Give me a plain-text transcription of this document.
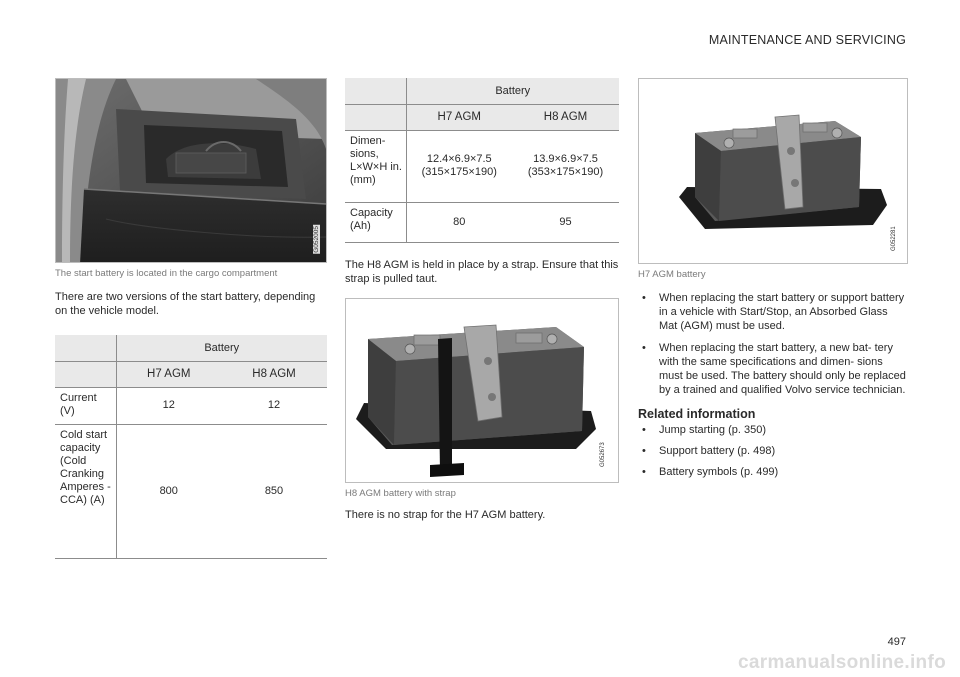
MAINTENANCE AND SERVICING
G052005
The start battery is located in the cargo compartment

There are two versions of the start battery, depending on the vehicle model.

	Battery	
	H7 AGM	H8 AGM
Current (V)	12	12
Cold start capacity (Cold Cranking Amperes - CCA) (A)	800	850
	Battery	
	H7 AGM	H8 AGM
Dimen- sions, L×W×H in. (mm)	12.4×6.9×7.5 (315×175×190)	13.9×6.9×7.5 (353×175×190)
Capacity (Ah)	80	95

The H8 AGM is held in place by a strap. Ensure that this strap is pulled taut.

G052673
H8 AGM battery with strap

There is no strap for the H7 AGM battery.

G052281
H7 AGM battery
• When replacing the start battery or support battery in a vehicle with Start/Stop, an Absorbed Glass Mat (AGM) must be used.
• When replacing the start battery, a new bat- tery with the same specifications and dimen- sions must be used. The battery should only be replaced by a trained and qualified Volvo service technician.
Related information
• Jump starting (p. 350)
• Support battery (p. 498)
• Battery symbols (p. 499)
497
carmanualsonline.info
